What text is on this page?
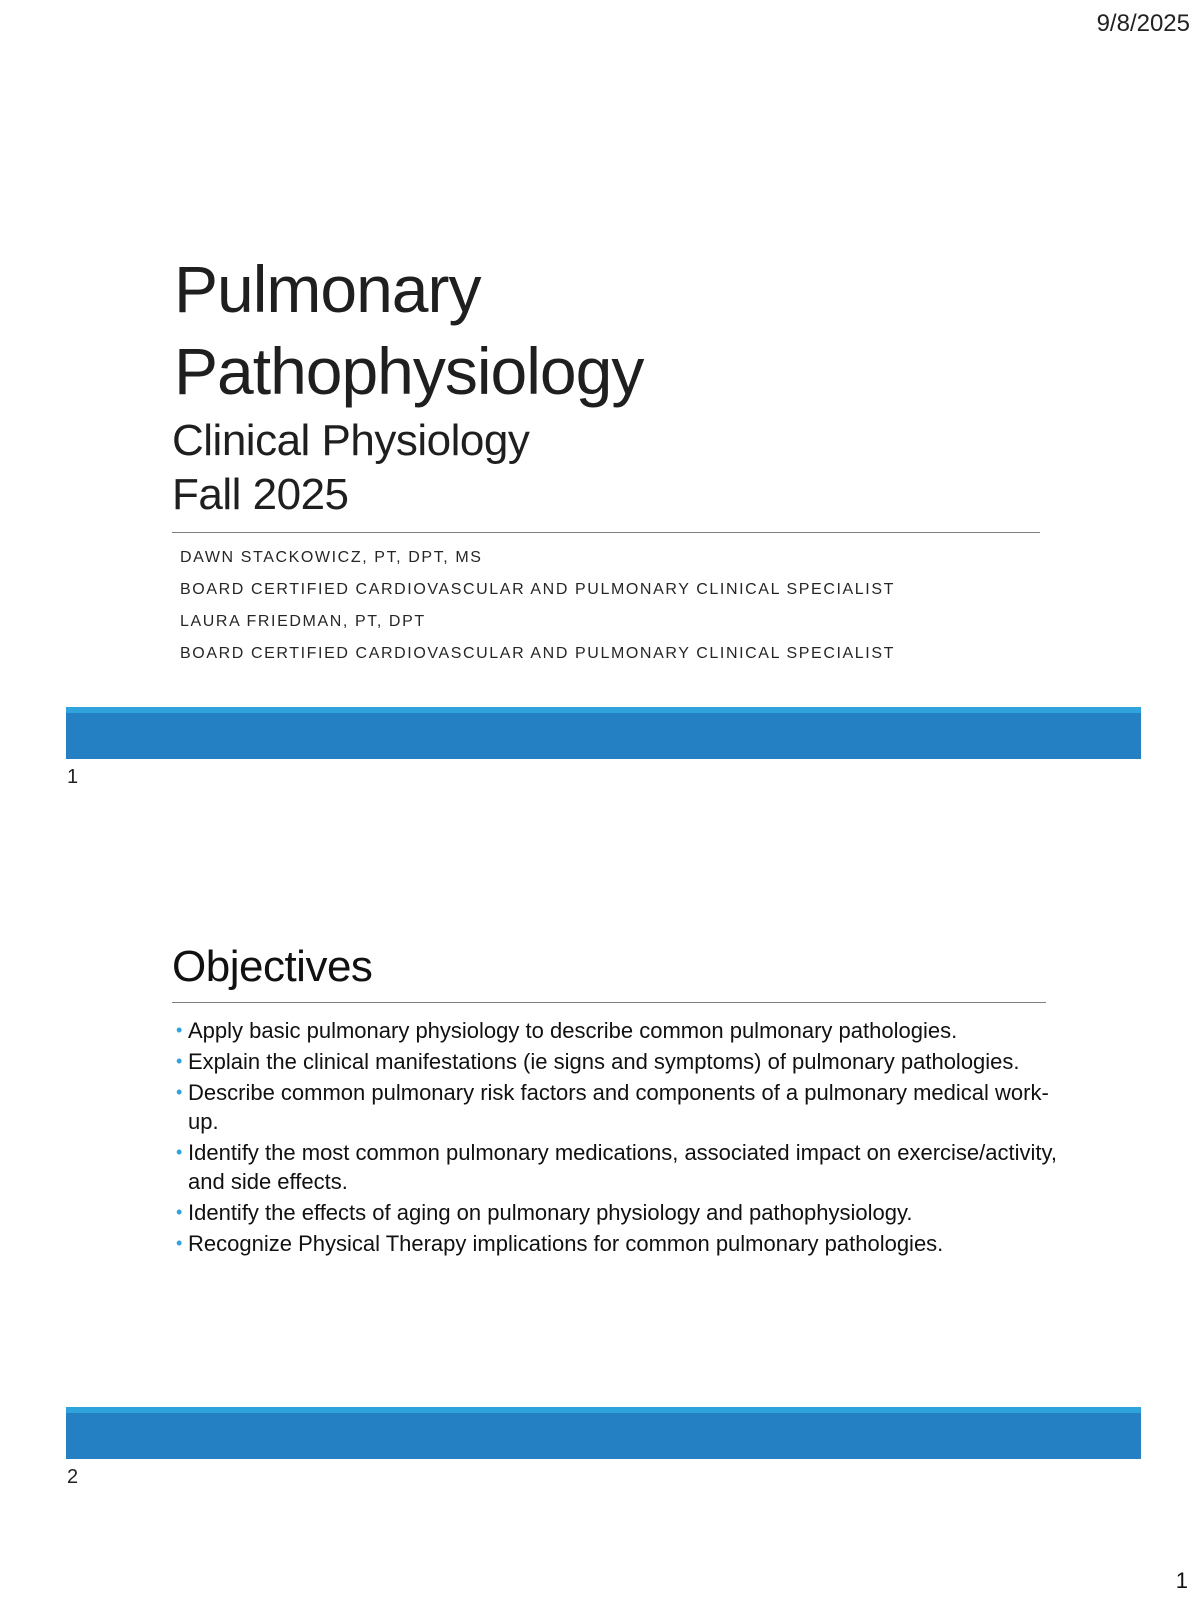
9/8/2025
Pulmonary
Pathophysiology
Clinical Physiology
Fall 2025
DAWN STACKOWICZ, PT, DPT, MS
BOARD CERTIFIED CARDIOVASCULAR AND PULMONARY CLINICAL SPECIALIST
LAURA FRIEDMAN, PT, DPT
BOARD CERTIFIED CARDIOVASCULAR AND PULMONARY CLINICAL SPECIALIST
1
Objectives
• Apply basic pulmonary physiology to describe common pulmonary pathologies.
• Explain the clinical manifestations (ie signs and symptoms) of pulmonary pathologies.
• Describe common pulmonary risk factors and components of a pulmonary medical work-up.
• Identify the most common pulmonary medications, associated impact on exercise/activity, and side effects.
• Identify the effects of aging on pulmonary physiology and pathophysiology.
• Recognize Physical Therapy implications for common pulmonary pathologies.
2
1
